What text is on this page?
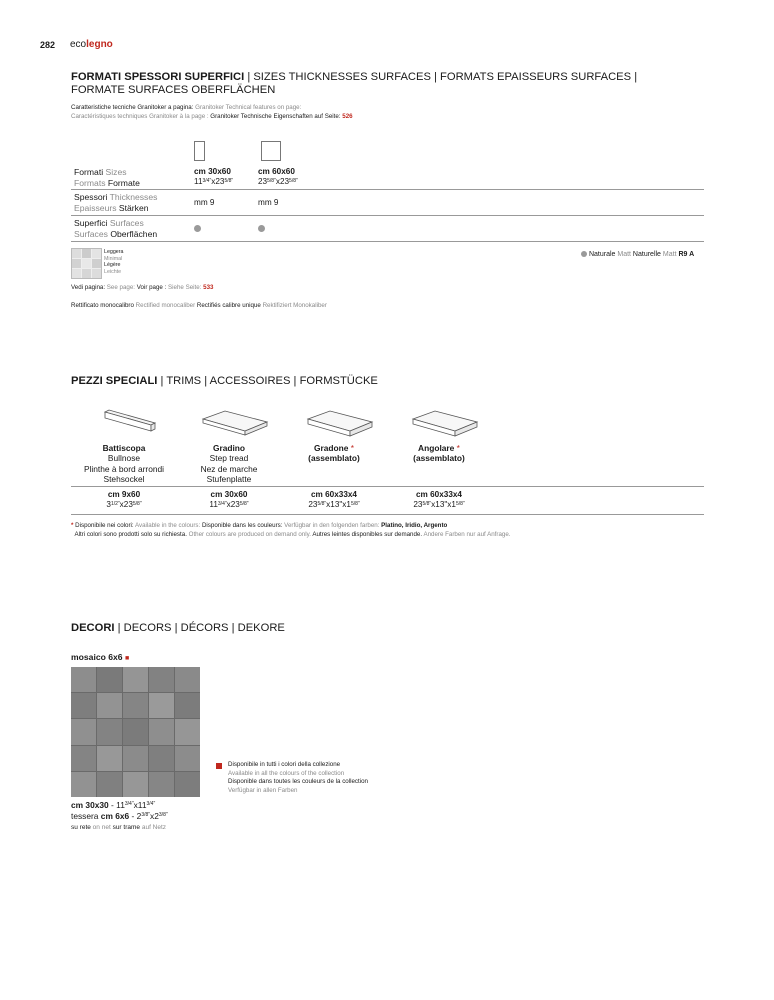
282 ecolegno
FORMATI SPESSORI SUPERFICI | SIZES THICKNESSES SURFACES | FORMATS EPAISSEURS SURFACES |
FORMATE SURFACES OBERFLÄCHEN
Caratteristiche tecniche Granitoker a pagina: Granitoker Technical features on page:
Caractéristiques techniques Granitoker à la page : Granitoker Technische Eigenschaften auf Seite: 526
Formati Sizes
Formats Formate
cm 30x60
$11^{3/4"}x23^{5/8"}$
cm 60x60
$23^{5/8"}x23^{5/8"}$
Spessori Thicknesses
Epaisseurs Stärken
mm 9	mm 9
Superfici Surfaces
Surfaces Oberflächen
Leggera
Minimal
Légère
Leichte
Naturale Matt Naturelle Matt R9 A
Vedi pagina: See page: Voir page : Siehe Seite: 533
Rettificato monocalibro Rectified monocaliber Rectifiés calibre unique Rektifiziert Monokaliber
PEZZI SPECIALI | TRIMS | ACCESSOIRES | FORMSTÜCKE
Battiscopa
Bullnose
Plinthe à bord arrondi
Stehsockel
Gradino
Step tread
Nez de marche
Stufenplatte
Gradone *
(assemblato)
Angolare *
(assemblato)
cm 9x60
$3^{1/2"}x23^{5/8"}$
cm 30x60
$11^{3/4"}x23^{5/8"}$
cm 60x33x4
$23^{5/8"}x13"x1^{5/8"}$
cm 60x33x4
$23^{5/8"}x13"x1^{5/8"}$
* Disponibile nei colori: Available in the colours: Disponible dans les couleurs: Verfügbar in den folgenden farben: Platino, Iridio, Argento
Altri colori sono prodotti solo su richiesta. Other colours are produced on demand only. Autres leintes disponibles sur demande. Andere Farben nur auf Anfrage.
DECORI | DECORS | DÉCORS | DEKORE
mosaico 6x6 ■
cm $30x30 - 11^{3/4"}x11^{3/4"}$
tessera cm $6x6 - 2^{3/8"}x2^{3/8"}$
su rete on net sur trame auf Netz
Disponibile in tutti i colori della collezione
Available in all the colours of the collection
Disponible dans toutes les couleurs de la collection
Verfügbar in allen Farben
